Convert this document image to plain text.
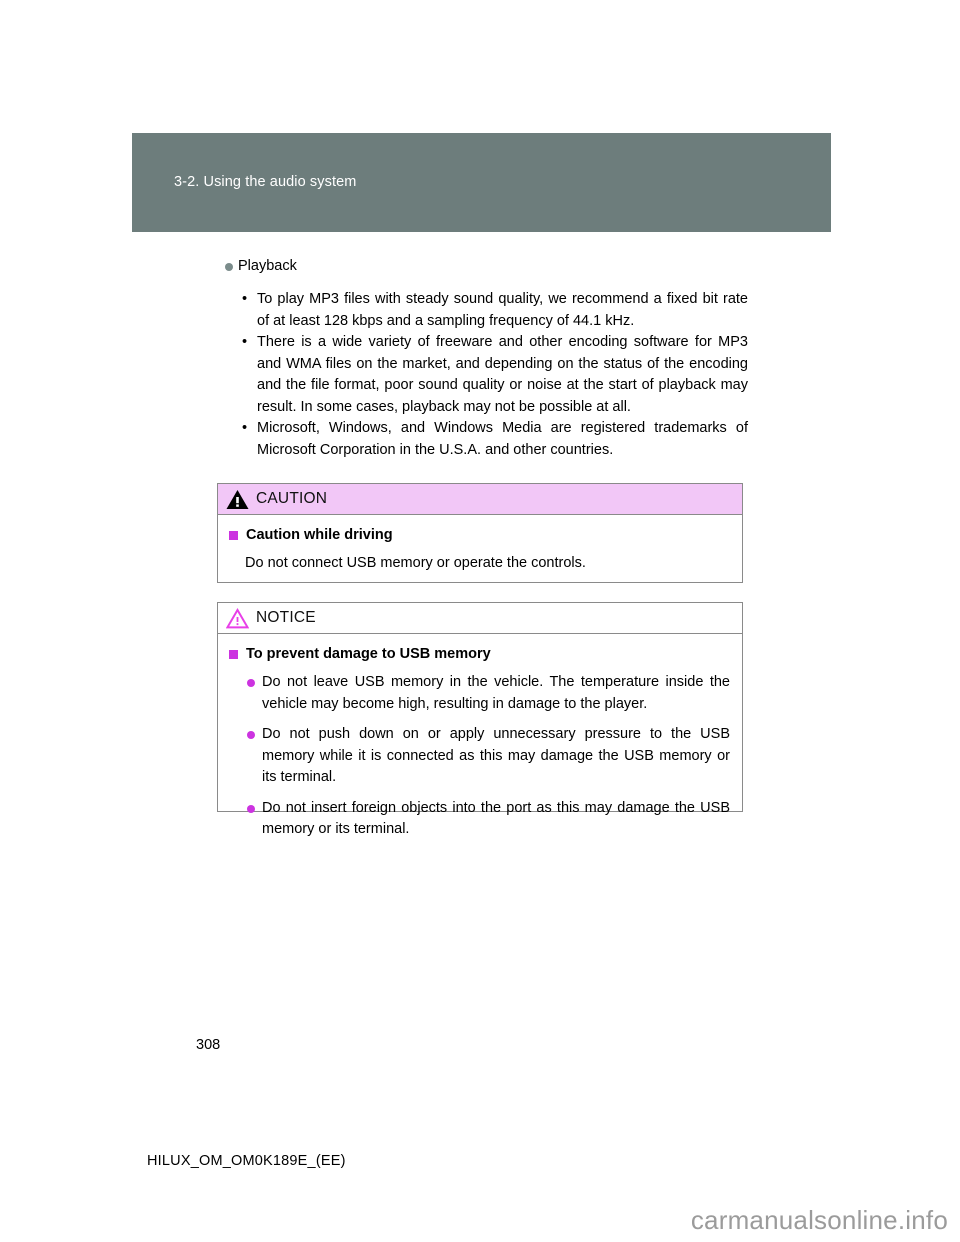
3-2. Using the audio system
Playback
• To play MP3 files with steady sound quality, we recommend a fixed bit rate of at least 128 kbps and a sampling frequency of 44.1 kHz.
• There is a wide variety of freeware and other encoding software for MP3 and WMA files on the market, and depending on the status of the encoding and the file format, poor sound quality or noise at the start of playback may result. In some cases, playback may not be possible at all.
• Microsoft, Windows, and Windows Media are registered trademarks of Microsoft Corporation in the U.S.A. and other countries.
CAUTION
Caution while driving
Do not connect USB memory or operate the controls.
NOTICE
To prevent damage to USB memory
Do not leave USB memory in the vehicle. The temperature inside the vehicle may become high, resulting in damage to the player.
Do not push down on or apply unnecessary pressure to the USB memory while it is connected as this may damage the USB memory or its terminal.
Do not insert foreign objects into the port as this may damage the USB memory or its terminal.
308
HILUX_OM_OM0K189E_(EE)
carmanualsonline.info
